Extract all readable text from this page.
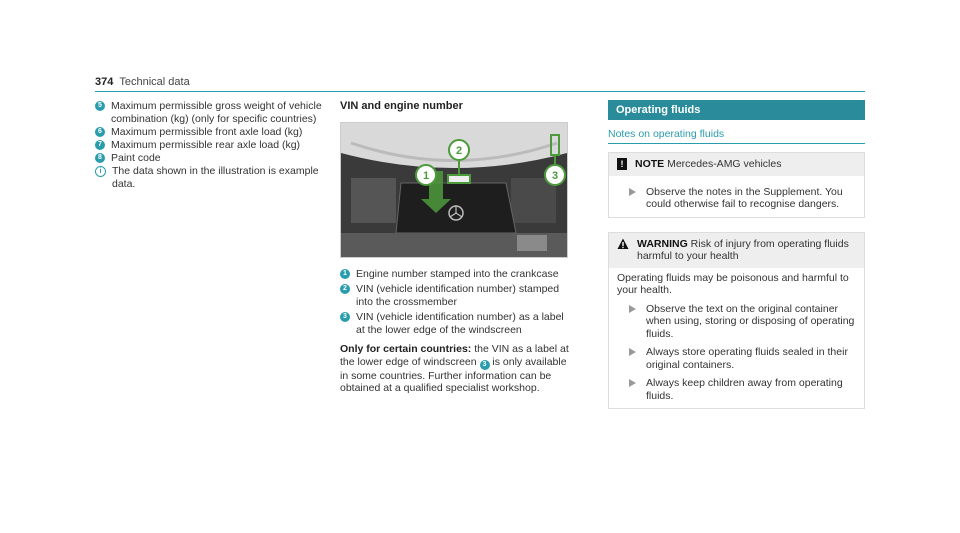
374 Technical data
5 Maximum permissible gross weight of vehicle combination (kg) (only for specific countries)
6 Maximum permissible front axle load (kg)
7 Maximum permissible rear axle load (kg)
8 Paint code
i	The data shown in the illustration is example data.
VIN and engine number
1
2
3
1 Engine number stamped into the crankcase
2 VIN (vehicle identification number) stamped into the crossmember
3 VIN (vehicle identification number) as a label at the lower edge of the windscreen
Only for certain countries: the VIN as a label at the lower edge of windscreen 3 is only available in some countries. Further information can be obtained at a qualified specialist workshop.
Operating fluids
Notes on operating fluids
!	NOTE Mercedes-AMG vehicles
Observe the notes in the Supplement. You could otherwise fail to recognise dangers.
WARNING Risk of injury from operating fluids harmful to your health
Operating fluids may be poisonous and harmful to your health.
Observe the text on the original container when using, storing or disposing of operating fluids.
Always store operating fluids sealed in their original containers.
Always keep children away from operating fluids.
